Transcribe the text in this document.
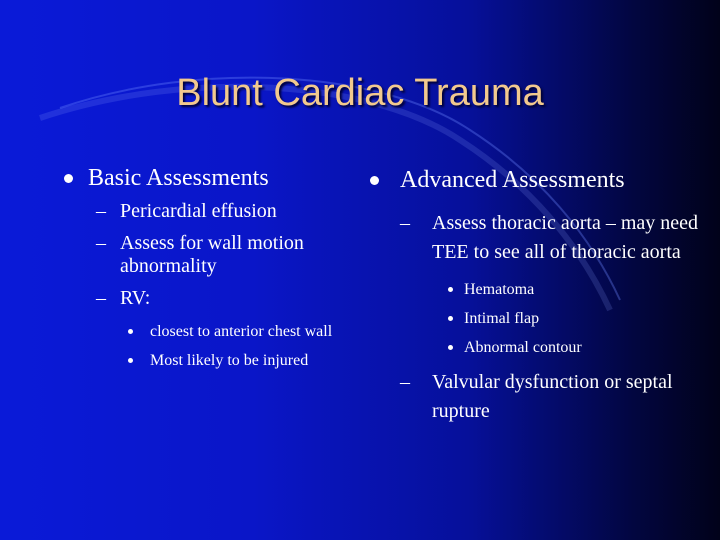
Blunt Cardiac Trauma
Basic Assessments
– Pericardial effusion
– Assess for wall motion abnormality
– RV:
closest to anterior chest wall
Most likely to be injured
Advanced Assessments
– Assess thoracic aorta – may need TEE to see all of thoracic aorta
Hematoma
Intimal flap
Abnormal contour
– Valvular dysfunction or septal rupture
